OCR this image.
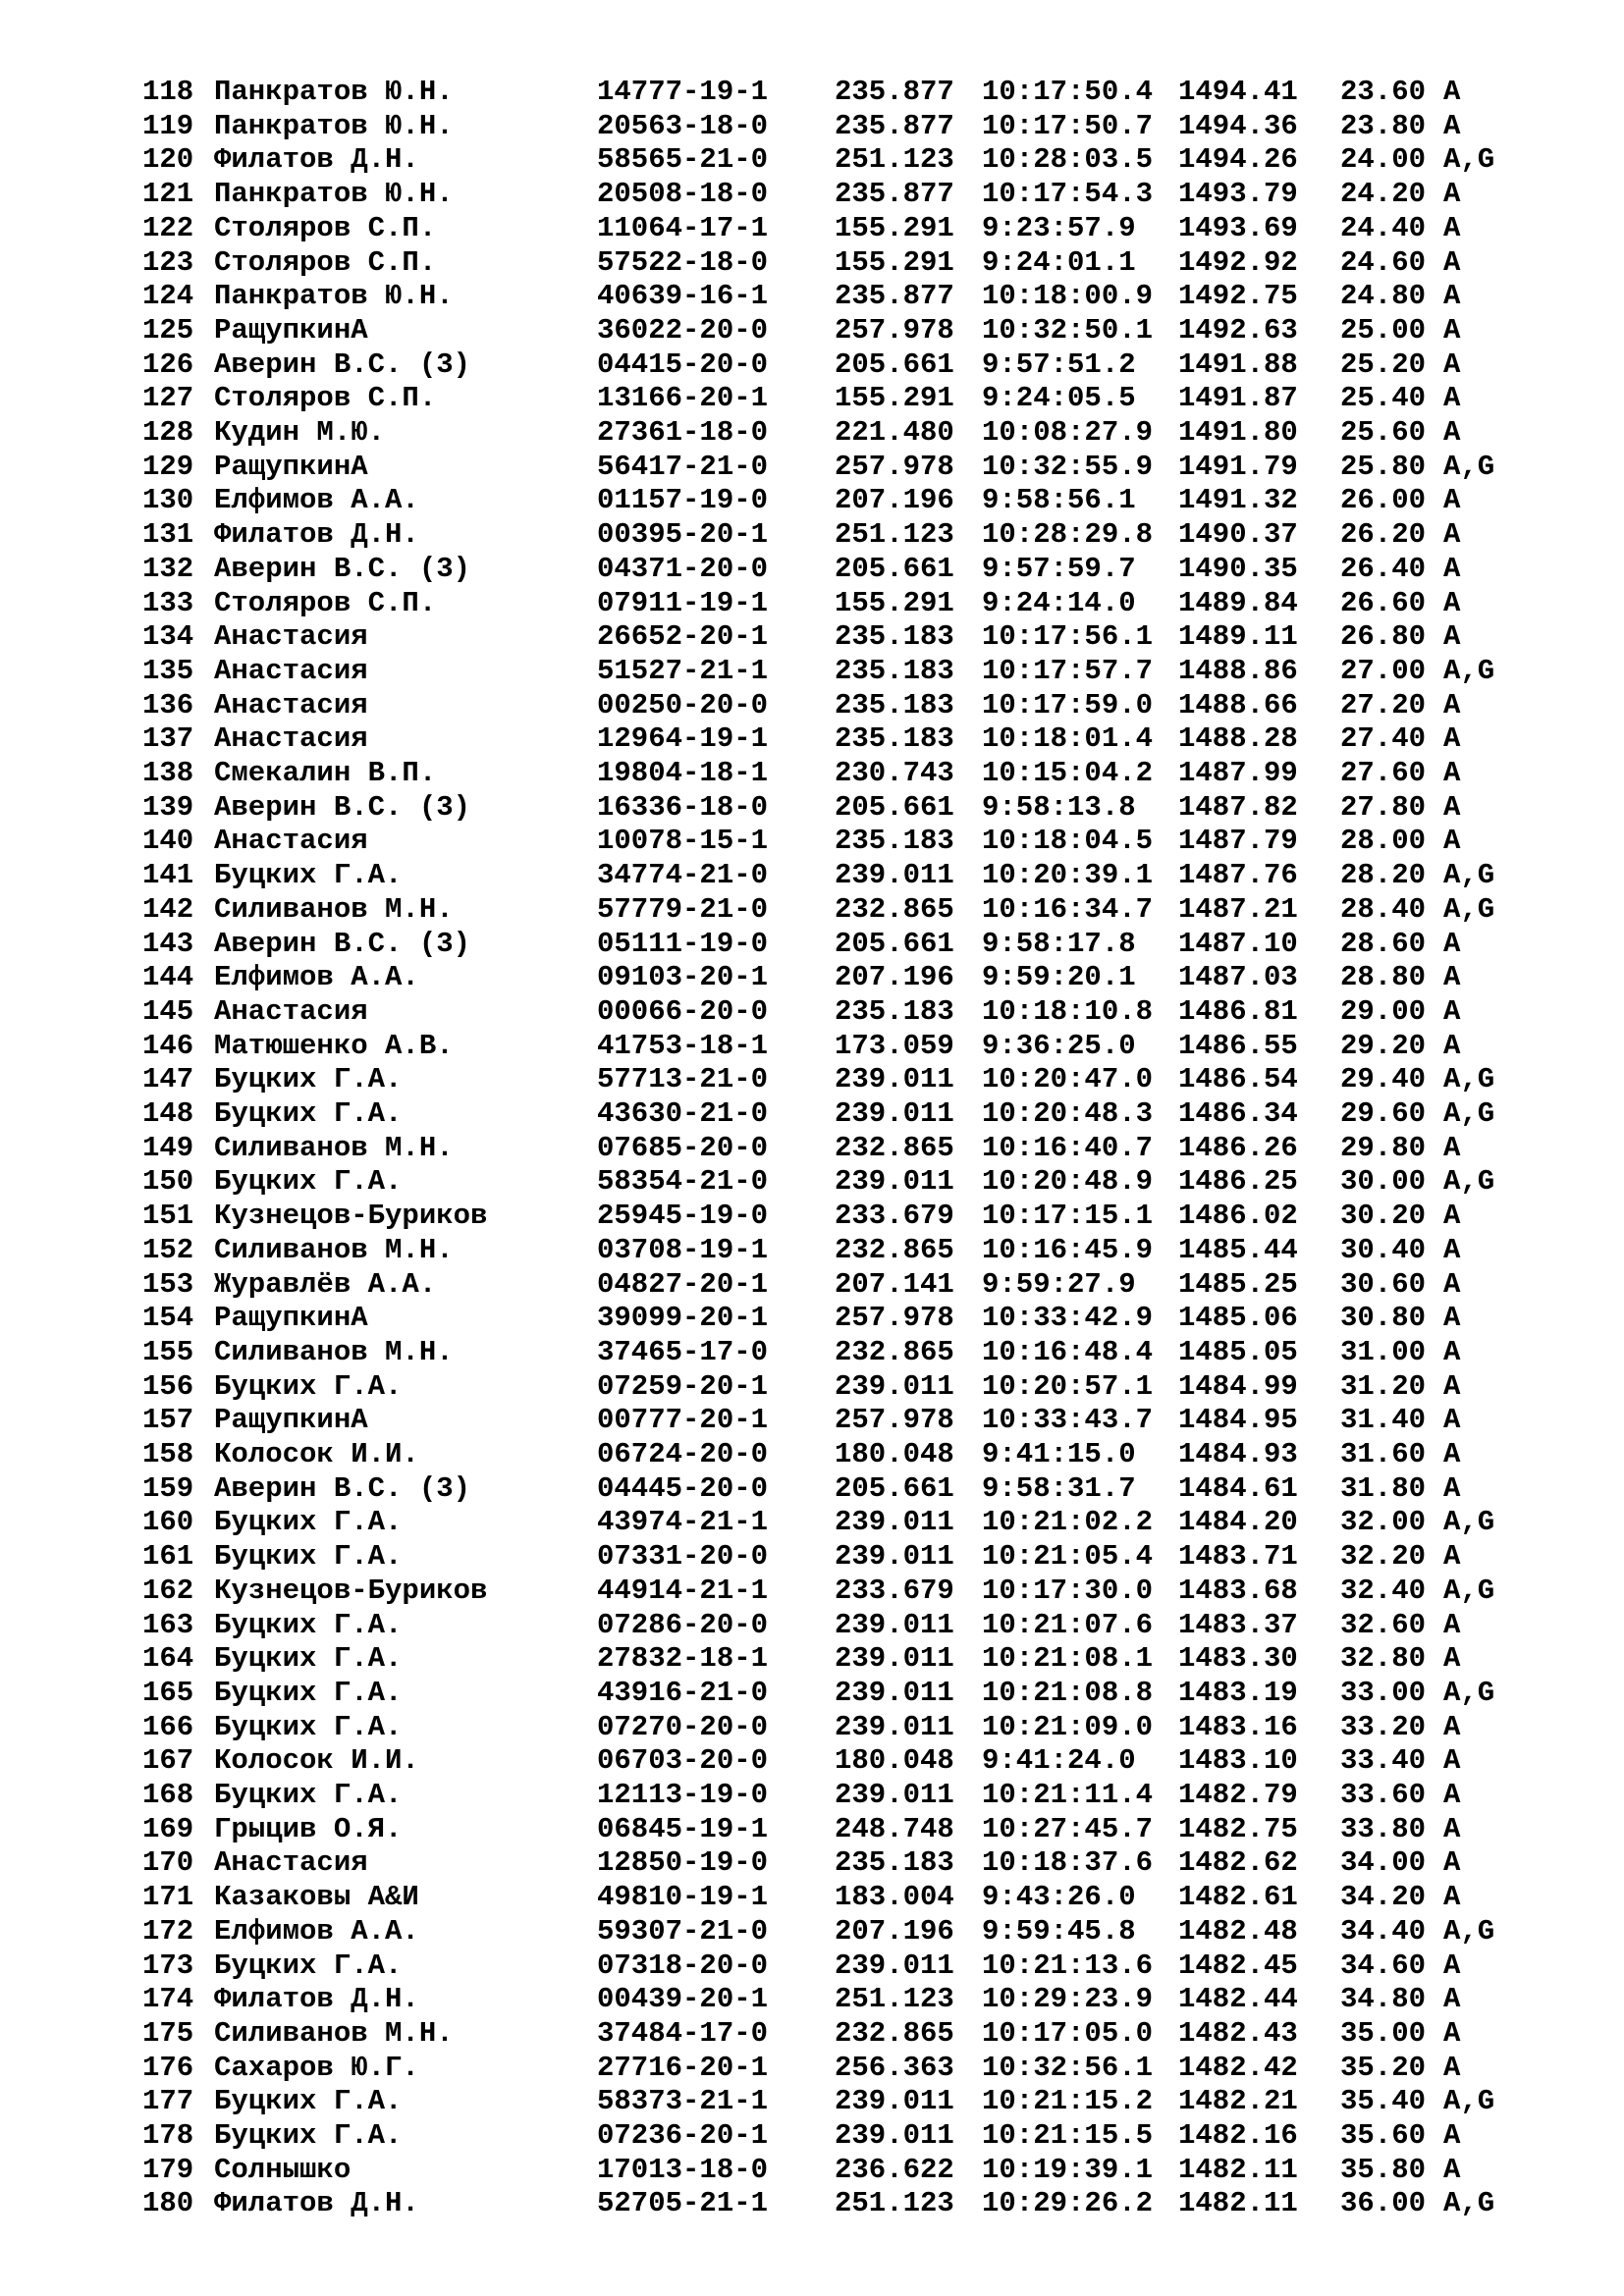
118 Панкратов Ю.Н.	14777-19-1 235.877 10:17:50.4 1494.41 23.60 A
119 Панкратов Ю.Н.	20563-18-0 235.877 10:17:50.7 1494.36 23.80 A
120 Филатов Д.Н.	58565-21-0 251.123 10:28:03.5 1494.26 24.00 A,G
121 Панкратов Ю.Н.	20508-18-0 235.877 10:17:54.3 1493.79 24.20 A
122 Столяров С.П.	11064-17-1 155.291 9:23:57.9 1493.69 24.40 A
123 Столяров С.П.	57522-18-0 155.291 9:24:01.1 1492.92 24.60 A
124 Панкратов Ю.Н.	40639-16-1 235.877 10:18:00.9 1492.75 24.80 A
125 РащупкинА	36022-20-0 257.978 10:32:50.1 1492.63 25.00 A
126 Аверин В.С. (3)	04415-20-0 205.661 9:57:51.2 1491.88 25.20 A
127 Столяров С.П.	13166-20-1 155.291 9:24:05.5 1491.87 25.40 A
128 Кудин М.Ю.	27361-18-0 221.480 10:08:27.9 1491.80 25.60 A
129 РащупкинА	56417-21-0 257.978 10:32:55.9 1491.79 25.80 A,G
130 Елфимов А.А.	01157-19-0 207.196 9:58:56.1 1491.32 26.00 A
131 Филатов Д.Н.	00395-20-1 251.123 10:28:29.8 1490.37 26.20 A
132 Аверин В.С. (3)	04371-20-0 205.661 9:57:59.7 1490.35 26.40 A
133 Столяров С.П.	07911-19-1 155.291 9:24:14.0 1489.84 26.60 A
134 Анастасия	26652-20-1 235.183 10:17:56.1 1489.11 26.80 A
135 Анастасия	51527-21-1 235.183 10:17:57.7 1488.86 27.00 A,G
136 Анастасия	00250-20-0 235.183 10:17:59.0 1488.66 27.20 A
137 Анастасия	12964-19-1 235.183 10:18:01.4 1488.28 27.40 A
138 Смекалин В.П.	19804-18-1 230.743 10:15:04.2 1487.99 27.60 A
139 Аверин В.С. (3)	16336-18-0 205.661 9:58:13.8 1487.82 27.80 A
140 Анастасия	10078-15-1 235.183 10:18:04.5 1487.79 28.00 A
141 Буцких Г.А.	34774-21-0 239.011 10:20:39.1 1487.76 28.20 A,G
142 Силиванов М.Н.	57779-21-0 232.865 10:16:34.7 1487.21 28.40 A,G
143 Аверин В.С. (3)	05111-19-0 205.661 9:58:17.8 1487.10 28.60 A
144 Елфимов А.А.	09103-20-1 207.196 9:59:20.1 1487.03 28.80 A
145 Анастасия	00066-20-0 235.183 10:18:10.8 1486.81 29.00 A
146 Матюшенко А.В.	41753-18-1 173.059 9:36:25.0 1486.55 29.20 A
147 Буцких Г.А.	57713-21-0 239.011 10:20:47.0 1486.54 29.40 A,G
148 Буцких Г.А.	43630-21-0 239.011 10:20:48.3 1486.34 29.60 A,G
149 Силиванов М.Н.	07685-20-0 232.865 10:16:40.7 1486.26 29.80 A
150 Буцких Г.А.	58354-21-0 239.011 10:20:48.9 1486.25 30.00 A,G
151 Кузнецов-Буриков	25945-19-0 233.679 10:17:15.1 1486.02 30.20 A
152 Силиванов М.Н.	03708-19-1 232.865 10:16:45.9 1485.44 30.40 A
153 Журавлёв А.А.	04827-20-1 207.141 9:59:27.9 1485.25 30.60 A
154 РащупкинА	39099-20-1 257.978 10:33:42.9 1485.06 30.80 A
155 Силиванов М.Н.	37465-17-0 232.865 10:16:48.4 1485.05 31.00 A
156 Буцких Г.А.	07259-20-1 239.011 10:20:57.1 1484.99 31.20 A
157 РащупкинА	00777-20-1 257.978 10:33:43.7 1484.95 31.40 A
158 Колосок И.И.	06724-20-0 180.048 9:41:15.0 1484.93 31.60 A
159 Аверин В.С. (3)	04445-20-0 205.661 9:58:31.7 1484.61 31.80 A
160 Буцких Г.А.	43974-21-1 239.011 10:21:02.2 1484.20 32.00 A,G
161 Буцких Г.А.	07331-20-0 239.011 10:21:05.4 1483.71 32.20 A
162 Кузнецов-Буриков	44914-21-1 233.679 10:17:30.0 1483.68 32.40 A,G
163 Буцких Г.А.	07286-20-0 239.011 10:21:07.6 1483.37 32.60 A
164 Буцких Г.А.	27832-18-1 239.011 10:21:08.1 1483.30 32.80 A
165 Буцких Г.А.	43916-21-0 239.011 10:21:08.8 1483.19 33.00 A,G
166 Буцких Г.А.	07270-20-0 239.011 10:21:09.0 1483.16 33.20 A
167 Колосок И.И.	06703-20-0 180.048 9:41:24.0 1483.10 33.40 A
168 Буцких Г.А.	12113-19-0 239.011 10:21:11.4 1482.79 33.60 A
169 Грыцив О.Я.	06845-19-1 248.748 10:27:45.7 1482.75 33.80 A
170 Анастасия	12850-19-0 235.183 10:18:37.6 1482.62 34.00 A
171 Казаковы А&И	49810-19-1 183.004 9:43:26.0 1482.61 34.20 A
172 Елфимов А.А.	59307-21-0 207.196 9:59:45.8 1482.48 34.40 A,G
173 Буцких Г.А.	07318-20-0 239.011 10:21:13.6 1482.45 34.60 A
174 Филатов Д.Н.	00439-20-1 251.123 10:29:23.9 1482.44 34.80 A
175 Силиванов М.Н.	37484-17-0 232.865 10:17:05.0 1482.43 35.00 A
176 Сахаров Ю.Г.	27716-20-1 256.363 10:32:56.1 1482.42 35.20 A
177 Буцких Г.А.	58373-21-1 239.011 10:21:15.2 1482.21 35.40 A,G
178 Буцких Г.А.	07236-20-1 239.011 10:21:15.5 1482.16 35.60 A
179 Солнышко	17013-18-0 236.622 10:19:39.1 1482.11 35.80 A
180 Филатов Д.Н.	52705-21-1 251.123 10:29:26.2 1482.11 36.00 A,G
